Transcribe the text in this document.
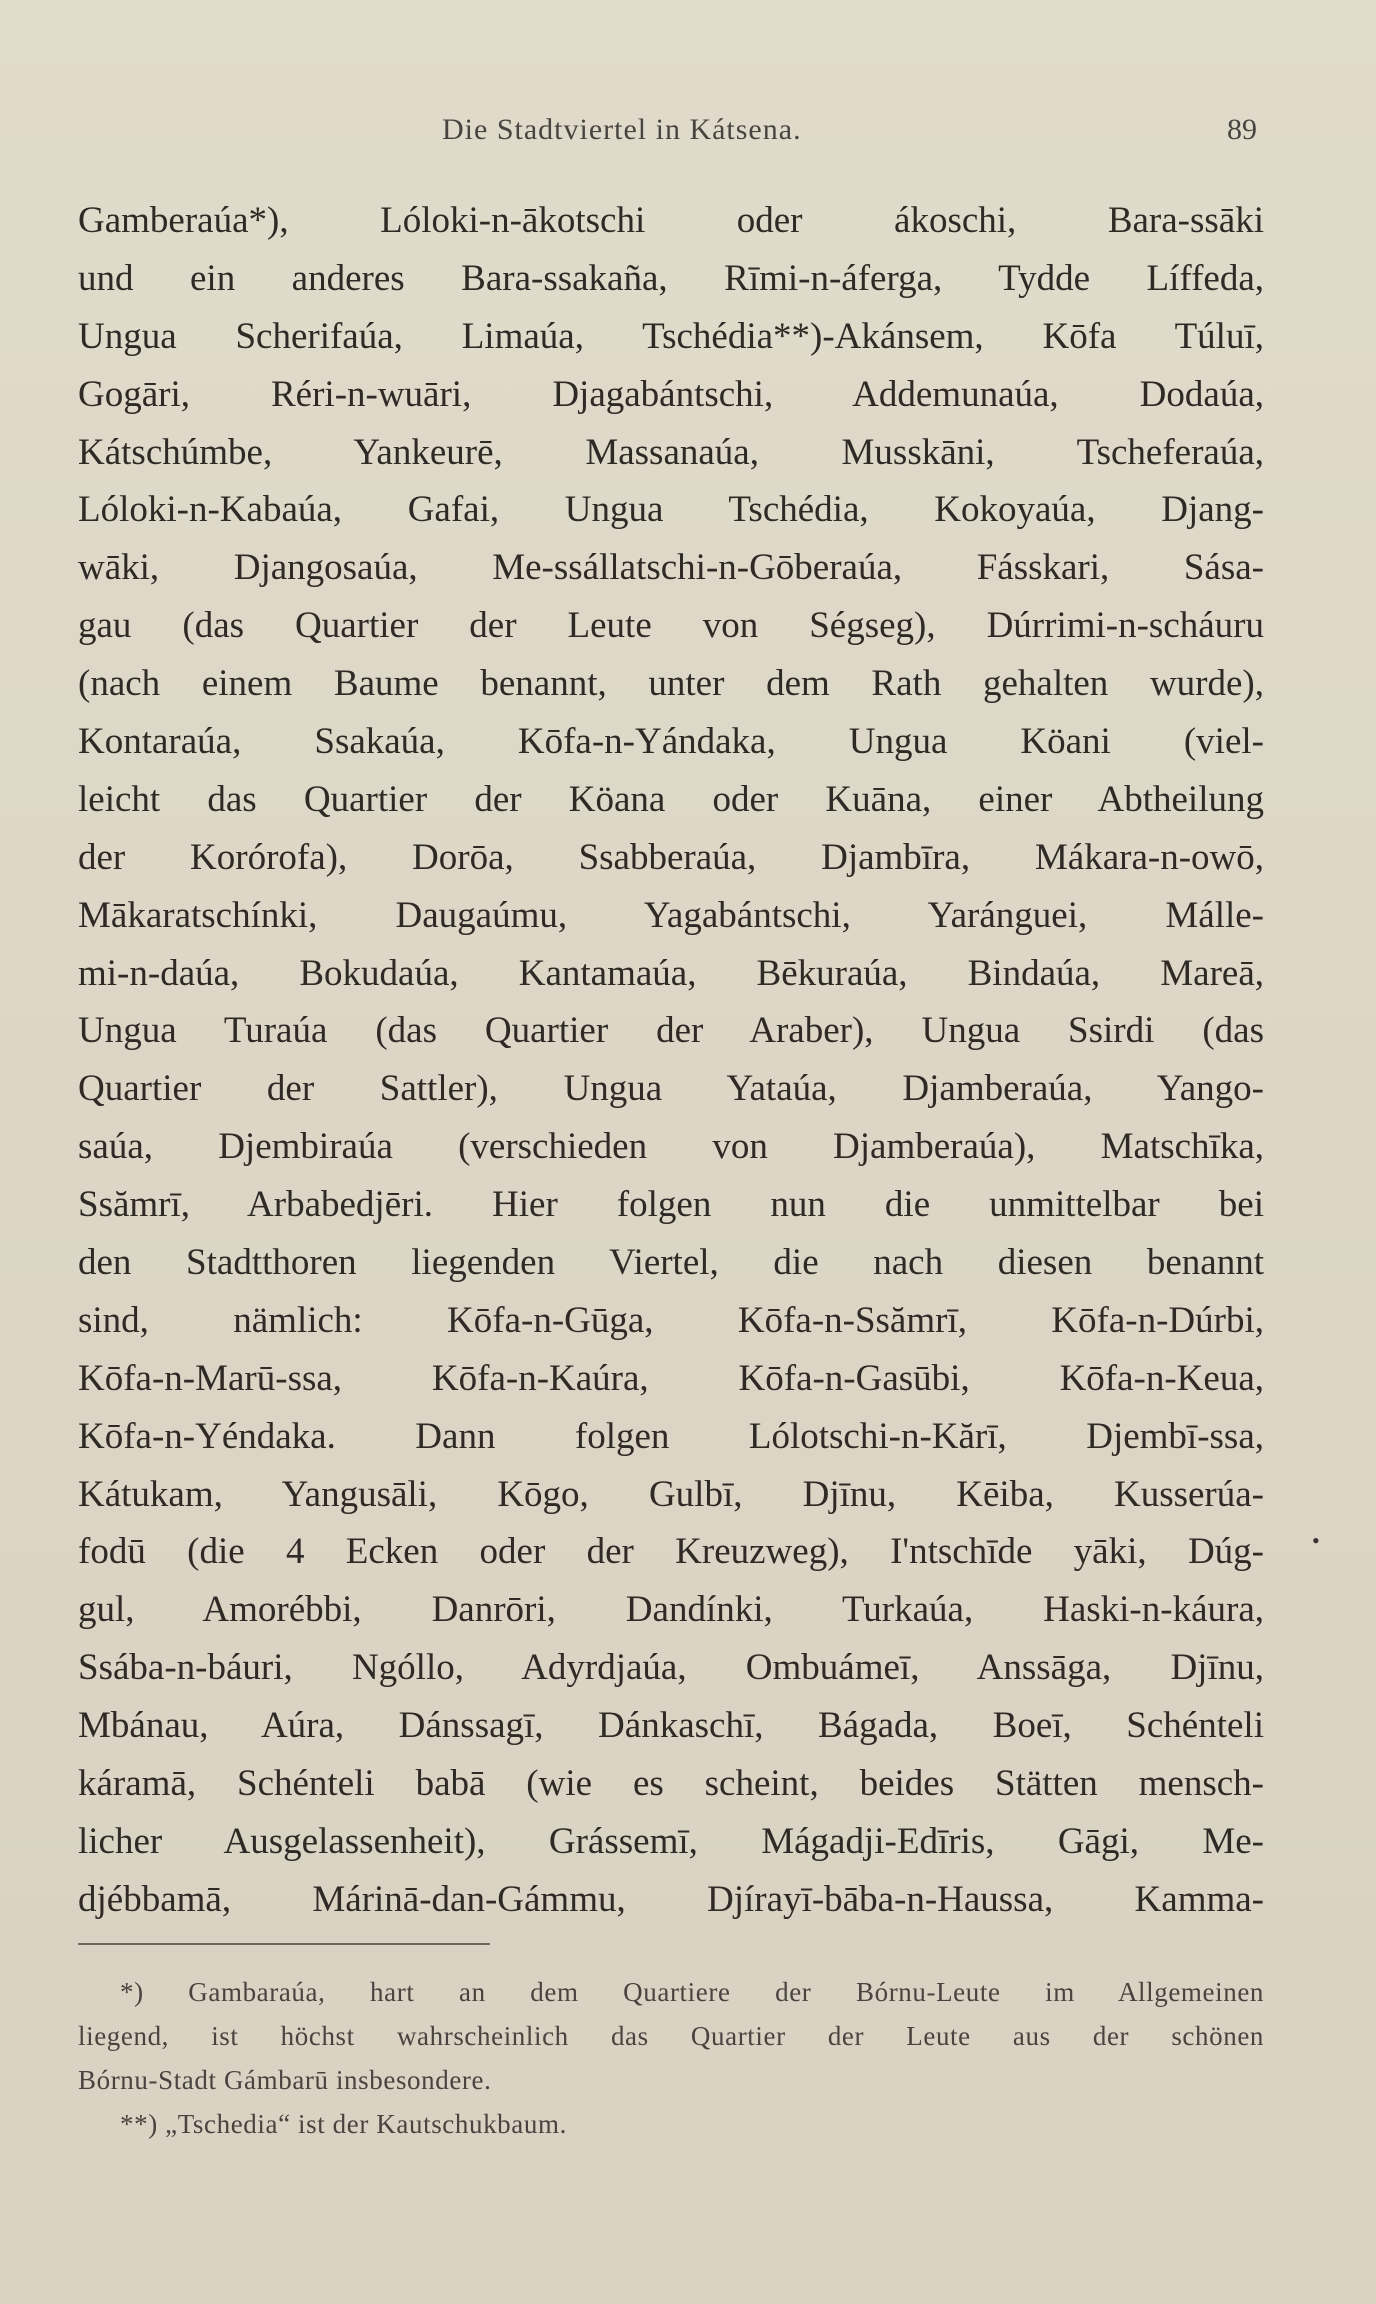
Die Stadtviertel in Kátsena.	89
Gamberaúa*), Lóloki-n-ākotschi oder ákoschi, Bara-ssāki
und ein anderes Bara-ssakaña, Rīmi-n-áferga, Tydde Líffeda,
Ungua Scherifaúa, Limaúa, Tschédia**)-Akánsem, Kōfa Túluī,
Gogāri, Réri-n-wuāri, Djagabántschi, Addemunaúa, Dodaúa,
Kátschúmbe, Yankeurē, Massanaúa, Musskāni, Tscheferaúa,
Lóloki-n-Kabaúa, Gafai, Ungua Tschédia, Kokoyaúa, Djang-
wāki, Djangosaúa, Me-ssállatschi-n-Gōberaúa, Fásskari, Sása-
gau (das Quartier der Leute von Ségseg), Dúrrimi-n-scháuru
(nach einem Baume benannt, unter dem Rath gehalten wurde),
Kontaraúa, Ssakaúa, Kōfa-n-Yándaka, Ungua Köani (viel-
leicht das Quartier der Köana oder Kuāna, einer Abtheilung
der Korórofa), Dorōa, Ssabberaúa, Djambīra, Mákara-n-owō,
Mākaratschínki, Daugaúmu, Yagabántschi, Yaránguei, Málle-
mi-n-daúa, Bokudaúa, Kantamaúa, Bēkuraúa, Bindaúa, Mareā,
Ungua Turaúa (das Quartier der Araber), Ungua Ssirdi (das
Quartier der Sattler), Ungua Yataúa, Djamberaúa, Yango-
saúa, Djembiraúa (verschieden von Djamberaúa), Matschīka,
Ssămrī, Arbabedjēri. Hier folgen nun die unmittelbar bei
den Stadtthoren liegenden Viertel, die nach diesen benannt
sind, nämlich: Kōfa-n-Gūga, Kōfa-n-Ssămrī, Kōfa-n-Dúrbi,
Kōfa-n-Marū-ssa, Kōfa-n-Kaúra, Kōfa-n-Gasūbi, Kōfa-n-Keua,
Kōfa-n-Yéndaka. Dann folgen Lólotschi-n-Kărī, Djembī-ssa,
Kátukam, Yangusāli, Kōgo, Gulbī, Djīnu, Kēiba, Kusserúa-
fodū (die 4 Ecken oder der Kreuzweg), I'ntschīde yāki, Dúg-
gul, Amorébbi, Danrōri, Dandínki, Turkaúa, Haski-n-káura,
Ssába-n-báuri, Ngóllo, Adyrdjaúa, Ombuámeī, Anssāga, Djīnu,
Mbánau, Aúra, Dánssagī, Dánkaschī, Bágada, Boeī, Schénteli
káramā, Schénteli babā (wie es scheint, beides Stätten mensch-
licher Ausgelassenheit), Grássemī, Mágadji-Edīris, Gāgi, Me-
djébbamā, Márinā-dan-Gámmu, Djírayī-bāba-n-Haussa, Kamma-
•
*) Gambaraúa, hart an dem Quartiere der Bórnu-Leute im Allgemeinen
liegend, ist höchst wahrscheinlich das Quartier der Leute aus der schönen
Bórnu-Stadt Gámbarū insbesondere.
**) „Tschedia“ ist der Kautschukbaum.
